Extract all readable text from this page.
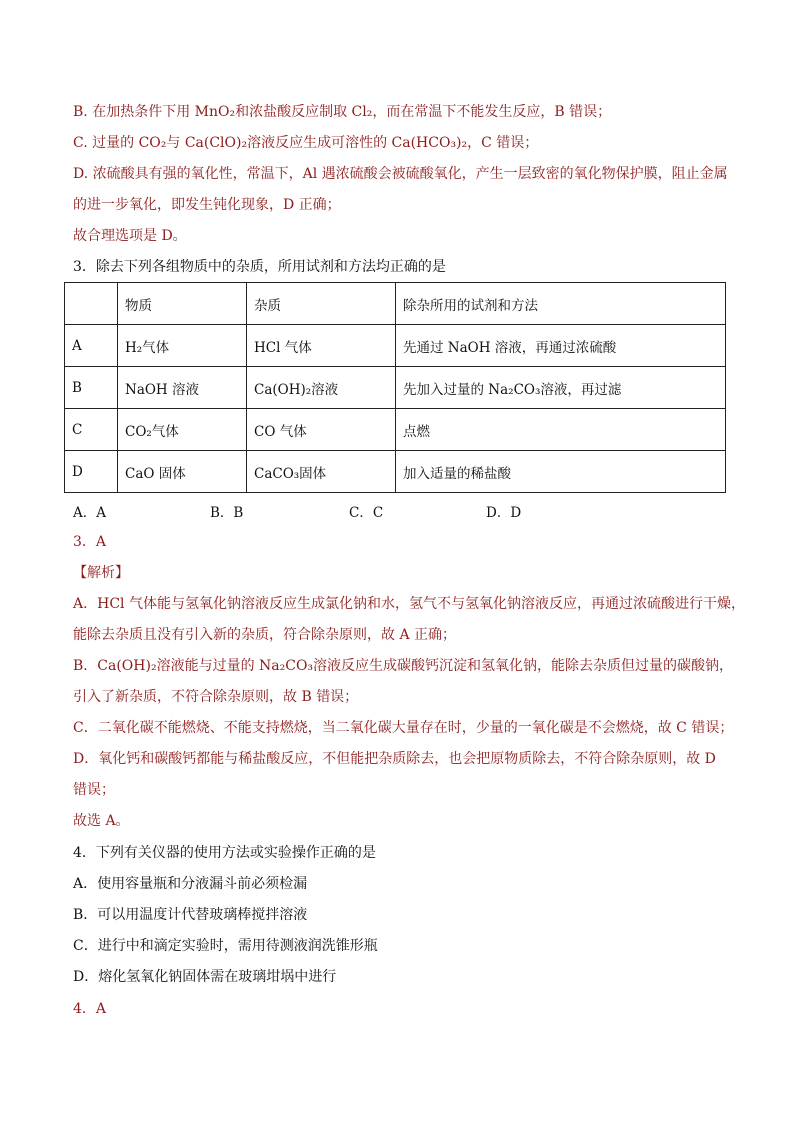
B. 在加热条件下用 MnO₂和浓盐酸反应制取 Cl₂，而在常温下不能发生反应，B 错误；
C. 过量的 CO₂与 Ca(ClO)₂溶液反应生成可溶性的 Ca(HCO₃)₂，C 错误；
D. 浓硫酸具有强的氧化性，常温下，Al 遇浓硫酸会被硫酸氧化，产生一层致密的氧化物保护膜，阻止金属
的进一步氧化，即发生钝化现象，D 正确；
故合理选项是 D。
3．除去下列各组物质中的杂质，所用试剂和方法均正确的是
	物质	杂质	除杂所用的试剂和方法
A	H₂气体	HCl 气体	先通过 NaOH 溶液，再通过浓硫酸
B	NaOH 溶液	Ca(OH)₂溶液	先加入过量的 Na₂CO₃溶液，再过滤
C	CO₂气体	CO 气体	点燃
D	CaO 固体	CaCO₃固体	加入适量的稀盐酸
A．A	B．B	C．C	D．D
3．A
【解析】
A．HCl 气体能与氢氧化钠溶液反应生成氯化钠和水，氢气不与氢氧化钠溶液反应，再通过浓硫酸进行干燥，
能除去杂质且没有引入新的杂质，符合除杂原则，故 A 正确；
B．Ca(OH)₂溶液能与过量的 Na₂CO₃溶液反应生成碳酸钙沉淀和氢氧化钠，能除去杂质但过量的碳酸钠，
引入了新杂质，不符合除杂原则，故 B 错误；
C．二氧化碳不能燃烧、不能支持燃烧，当二氧化碳大量存在时，少量的一氧化碳是不会燃烧，故 C 错误；
D．氧化钙和碳酸钙都能与稀盐酸反应，不但能把杂质除去，也会把原物质除去，不符合除杂原则，故 D
错误；
故选 A。
4．下列有关仪器的使用方法或实验操作正确的是
A．使用容量瓶和分液漏斗前必须检漏
B．可以用温度计代替玻璃棒搅拌溶液
C．进行中和滴定实验时，需用待测液润洗锥形瓶
D．熔化氢氧化钠固体需在玻璃坩埚中进行
4．A
